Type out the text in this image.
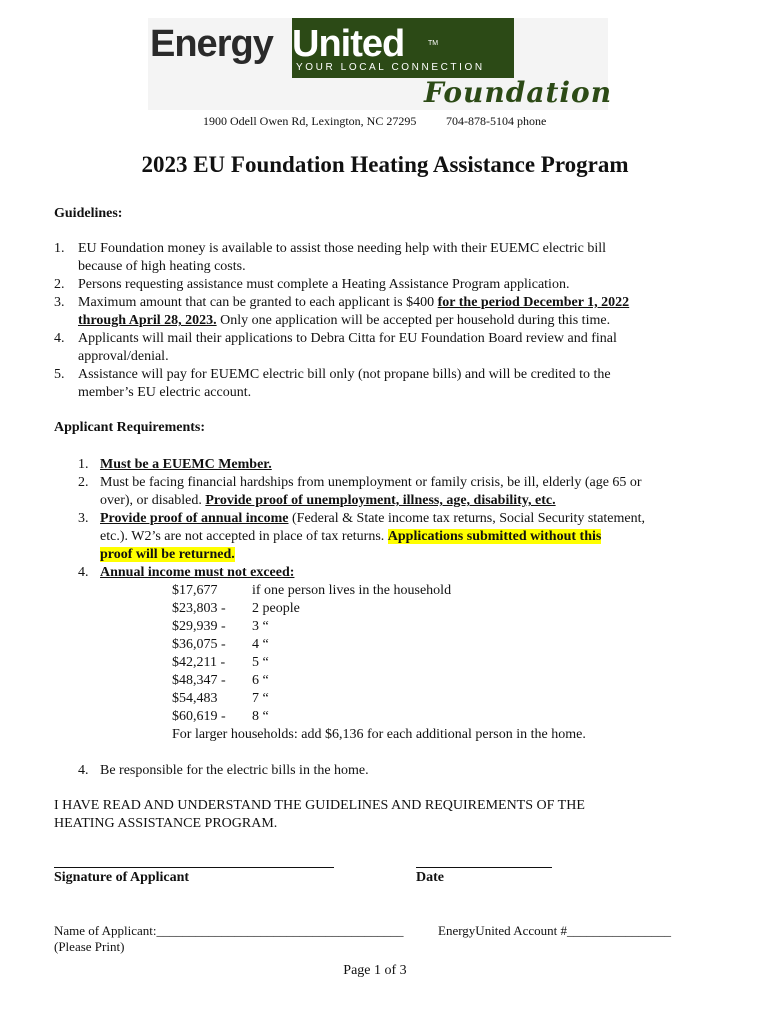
Energy United	TM
YOUR LOCAL CONNECTION
Foundation
1900 Odell Owen Rd, Lexington, NC 27295 704-878-5104 phone
2023 EU Foundation Heating Assistance Program
Guidelines:
1. EU Foundation money is available to assist those needing help with their EUEMC electric bill
because of high heating costs.
2. Persons requesting assistance must complete a Heating Assistance Program application.
3. Maximum amount that can be granted to each applicant is $400 for the period December 1, 2022
through April 28, 2023. Only one application will be accepted per household during this time.
4. Applicants will mail their applications to Debra Citta for EU Foundation Board review and final
approval/denial.
5. Assistance will pay for EUEMC electric bill only (not propane bills) and will be credited to the
member’s EU electric account.
Applicant Requirements:
1. Must be a EUEMC Member.
2. Must be facing financial hardships from unemployment or family crisis, be ill, elderly (age 65 or
over), or disabled. Provide proof of unemployment, illness, age, disability, etc.
3. Provide proof of annual income (Federal & State income tax returns, Social Security statement,
etc.). W2’s are not accepted in place of tax returns. Applications submitted without this
proof will be returned.
4. Annual income must not exceed:
$17,677 if one person lives in the household
$23,803 - 2 people
$29,939 - 3 “
$36,075 - 4 “
$42,211 - 5 “
$48,347 - 6 “
$54,483 7 “
$60,619 - 8 “
For larger households: add $6,136 for each additional person in the home.
4. Be responsible for the electric bills in the home.
I HAVE READ AND UNDERSTAND THE GUIDELINES AND REQUIREMENTS OF THE
HEATING ASSISTANCE PROGRAM.
Signature of Applicant	Date
Name of Applicant:______________________________________	EnergyUnited Account #________________
(Please Print)
Page 1 of 3
